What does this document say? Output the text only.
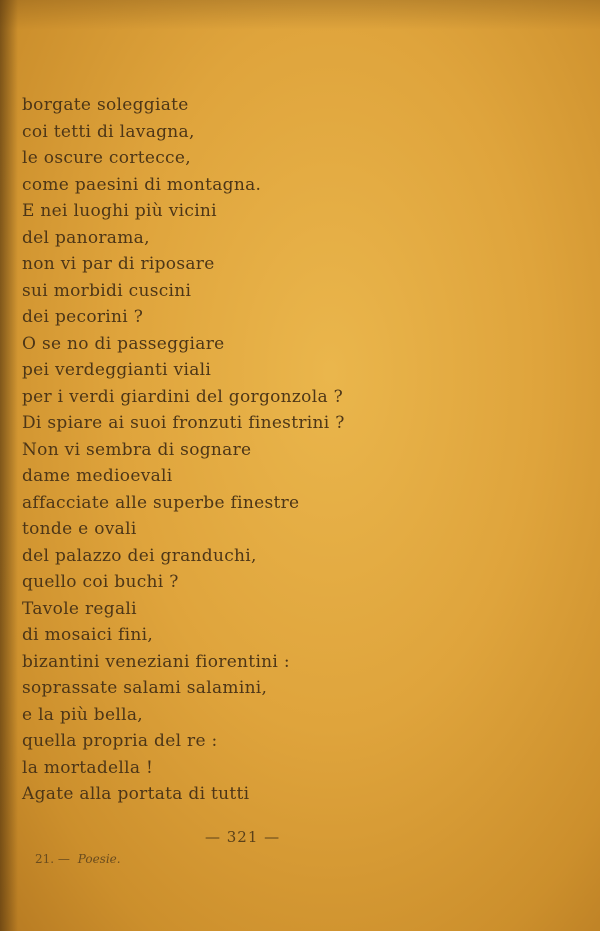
borgate soleggiate
coi tetti di lavagna,
le oscure cortecce,
come paesini di montagna.
E nei luoghi più vicini
del panorama,
non vi par di riposare
sui morbidi cuscini
dei pecorini ?
O se no di passeggiare
pei verdeggianti viali
per i verdi giardini del gorgonzola ?
Di spiare ai suoi fronzuti finestrini ?
Non vi sembra di sognare
dame medioevali
affacciate alle superbe finestre
tonde e ovali
del palazzo dei granduchi,
quello coi buchi ?
Tavole regali
di mosaici fini,
bizantini veneziani fiorentini :
soprassate salami salamini,
e la più bella,
quella propria del re :
la mortadella !
Agate alla portata di tutti
— 321 —
21. — Poesie.
